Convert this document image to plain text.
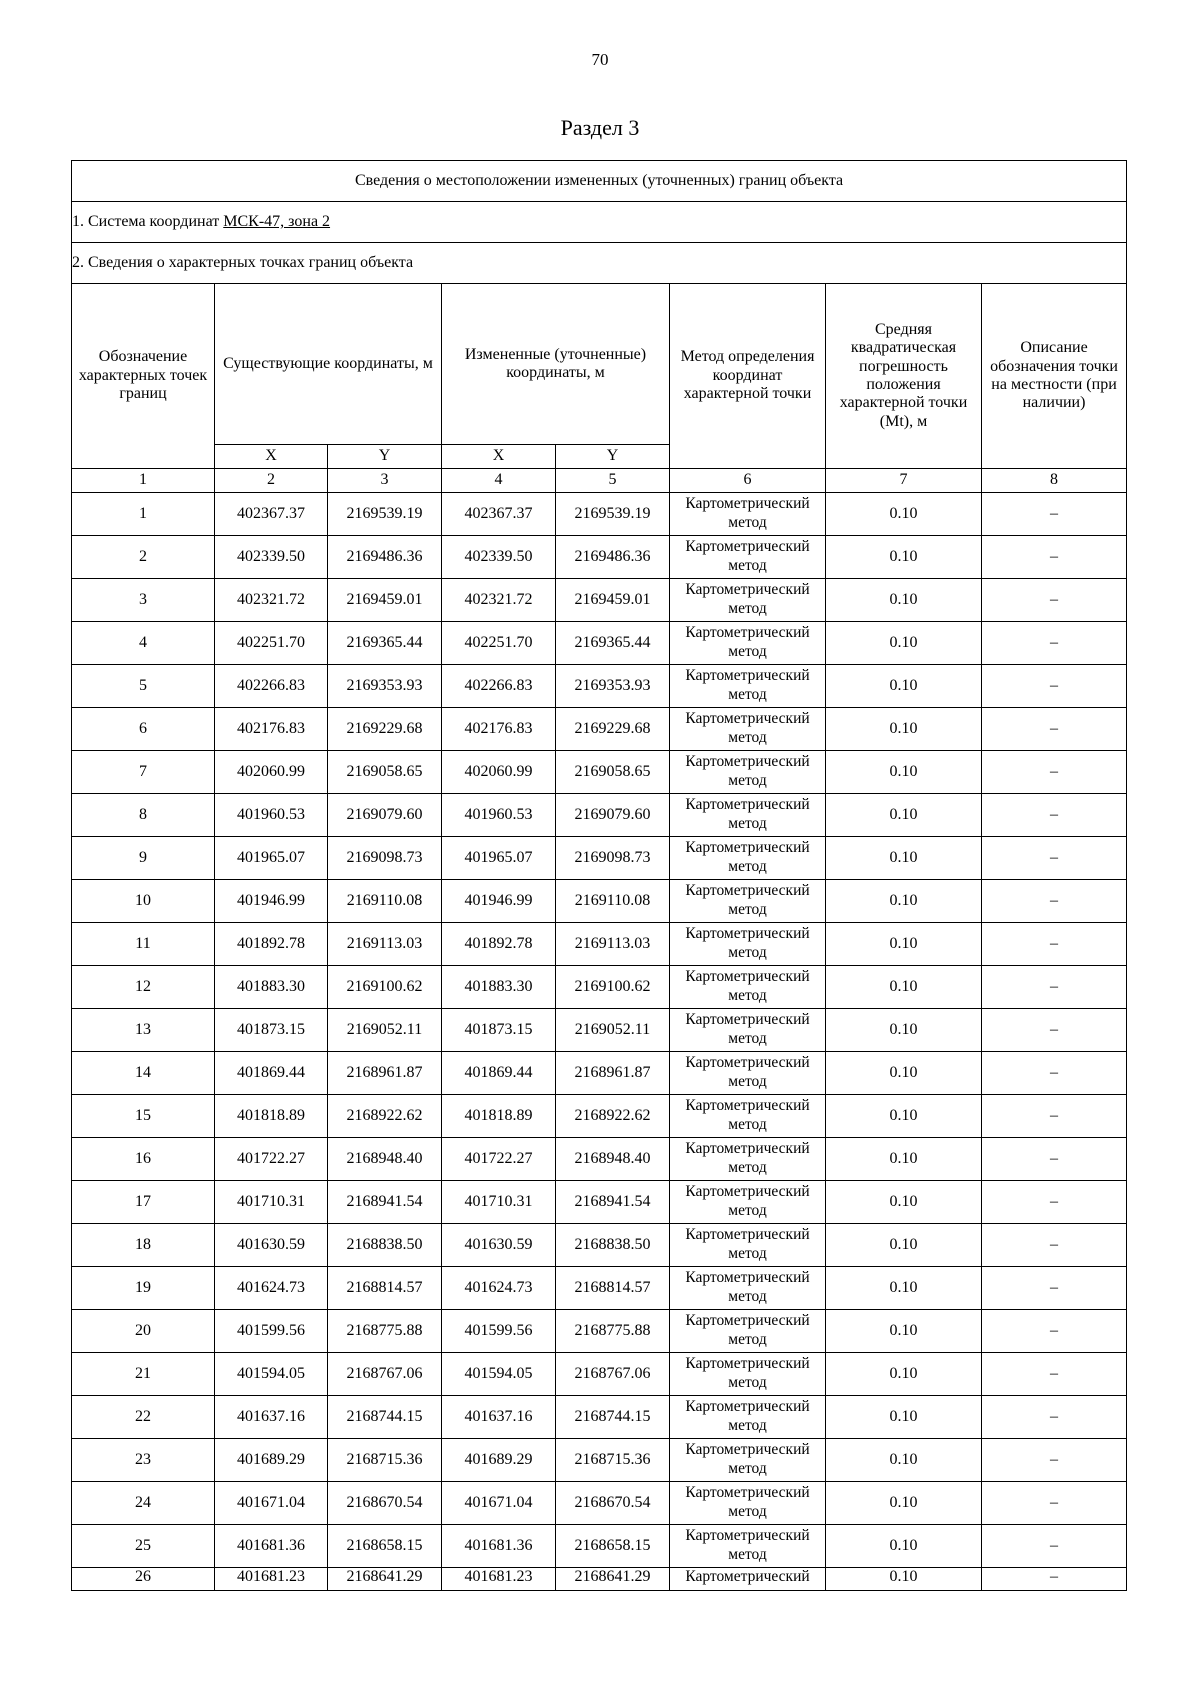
70
Раздел 3
Сведения о местоположении измененных (уточненных) границ объекта							
1. Система координат МСК-47, зона 2							
2. Сведения о характерных точках границ объекта							
Обозначение характерных точек границ	Существующие координаты, м		Измененные (уточненные) координаты, м		Метод определения координат характерной точки	Средняя квадратическая погрешность положения характерной точки (Mt), м	Описание обозначения точки на местности (при наличии)
	X	Y	X	Y			
1	2	3	4	5	6	7	8
1	402367.37	2169539.19	402367.37	2169539.19	Картометрический метод	0.10	–
2	402339.50	2169486.36	402339.50	2169486.36	Картометрический метод	0.10	–
3	402321.72	2169459.01	402321.72	2169459.01	Картометрический метод	0.10	–
4	402251.70	2169365.44	402251.70	2169365.44	Картометрический метод	0.10	–
5	402266.83	2169353.93	402266.83	2169353.93	Картометрический метод	0.10	–
6	402176.83	2169229.68	402176.83	2169229.68	Картометрический метод	0.10	–
7	402060.99	2169058.65	402060.99	2169058.65	Картометрический метод	0.10	–
8	401960.53	2169079.60	401960.53	2169079.60	Картометрический метод	0.10	–
9	401965.07	2169098.73	401965.07	2169098.73	Картометрический метод	0.10	–
10	401946.99	2169110.08	401946.99	2169110.08	Картометрический метод	0.10	–
11	401892.78	2169113.03	401892.78	2169113.03	Картометрический метод	0.10	–
12	401883.30	2169100.62	401883.30	2169100.62	Картометрический метод	0.10	–
13	401873.15	2169052.11	401873.15	2169052.11	Картометрический метод	0.10	–
14	401869.44	2168961.87	401869.44	2168961.87	Картометрический метод	0.10	–
15	401818.89	2168922.62	401818.89	2168922.62	Картометрический метод	0.10	–
16	401722.27	2168948.40	401722.27	2168948.40	Картометрический метод	0.10	–
17	401710.31	2168941.54	401710.31	2168941.54	Картометрический метод	0.10	–
18	401630.59	2168838.50	401630.59	2168838.50	Картометрический метод	0.10	–
19	401624.73	2168814.57	401624.73	2168814.57	Картометрический метод	0.10	–
20	401599.56	2168775.88	401599.56	2168775.88	Картометрический метод	0.10	–
21	401594.05	2168767.06	401594.05	2168767.06	Картометрический метод	0.10	–
22	401637.16	2168744.15	401637.16	2168744.15	Картометрический метод	0.10	–
23	401689.29	2168715.36	401689.29	2168715.36	Картометрический метод	0.10	–
24	401671.04	2168670.54	401671.04	2168670.54	Картометрический метод	0.10	–
25	401681.36	2168658.15	401681.36	2168658.15	Картометрический метод	0.10	–
26	401681.23	2168641.29	401681.23	2168641.29	Картометрический	0.10	–
